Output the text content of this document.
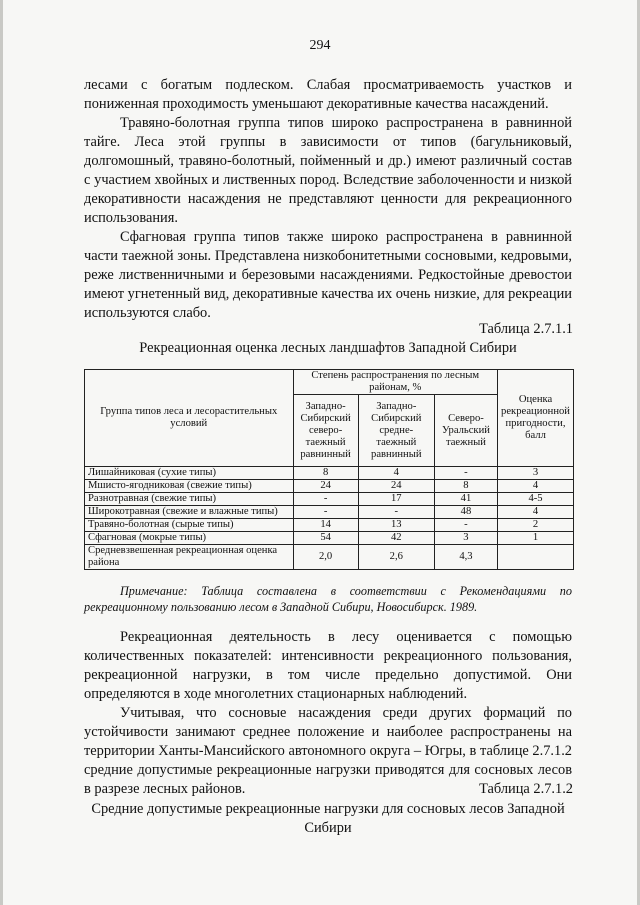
294

лесами с богатым подлеском. Слабая просматриваемость участков и пониженная проходимость уменьшают декоративные качества насаждений.

Травяно-болотная группа типов широко распространена в равнинной тайге. Леса этой группы в зависимости от типов (багульниковый, долгомошный, травяно-болотный, пойменный и др.) имеют различный состав с участием хвойных и лиственных пород. Вследствие заболоченности и низкой декоративности насаждения не представляют ценности для рекреационного использования.

Сфагновая группа типов также широко распространена в равнинной части таежной зоны. Представлена низкобонитетными сосновыми, кедровыми, реже лиственничными и березовыми насаждениями. Редкостойные древостои имеют угнетенный вид, декоративные качества их очень низкие, для рекреации используются слабо.

Таблица 2.7.1.1
Рекреационная оценка лесных ландшафтов Западной Сибири
Группа типов леса и лесорастительных условий	Степень распространения по лесным районам, %			Оценка рекреационной пригодности, балл
	Западно-Сибирский северо-таежный равнинный	Западно-Сибирский средне-таежный равнинный	Северо-Уральский таежный	
Лишайниковая (сухие типы)	8	4	-	3
Мшисто-ягодниковая (свежие типы)	24	24	8	4
Разнотравная (свежие типы)	-	17	41	4-5
Широкотравная (свежие и влажные типы)	-	-	48	4
Травяно-болотная (сырые типы)	14	13	-	2
Сфагновая (мокрые типы)	54	42	3	1
Средневзвешенная рекреационная оценка района	2,0	2,6	4,3	
Примечание: Таблица составлена в соответствии с Рекомендациями по рекреационному пользованию лесом в Западной Сибири, Новосибирск. 1989.

Рекреационная деятельность в лесу оценивается с помощью количественных показателей: интенсивности рекреационного пользования, рекреационной нагрузки, в том числе предельно допустимой. Они определяются в ходе многолетних стационарных наблюдений.

Учитывая, что сосновые насаждения среди других формаций по устойчивости занимают среднее положение и наиболее распространены на территории Ханты-Мансийского автономного округа – Югры, в таблице 2.7.1.2 средние допустимые рекреационные нагрузки приводятся для сосновых лесов в разрезе лесных районов.	Таблица 2.7.1.2
Средние допустимые рекреационные нагрузки для сосновых лесов Западной Сибири
